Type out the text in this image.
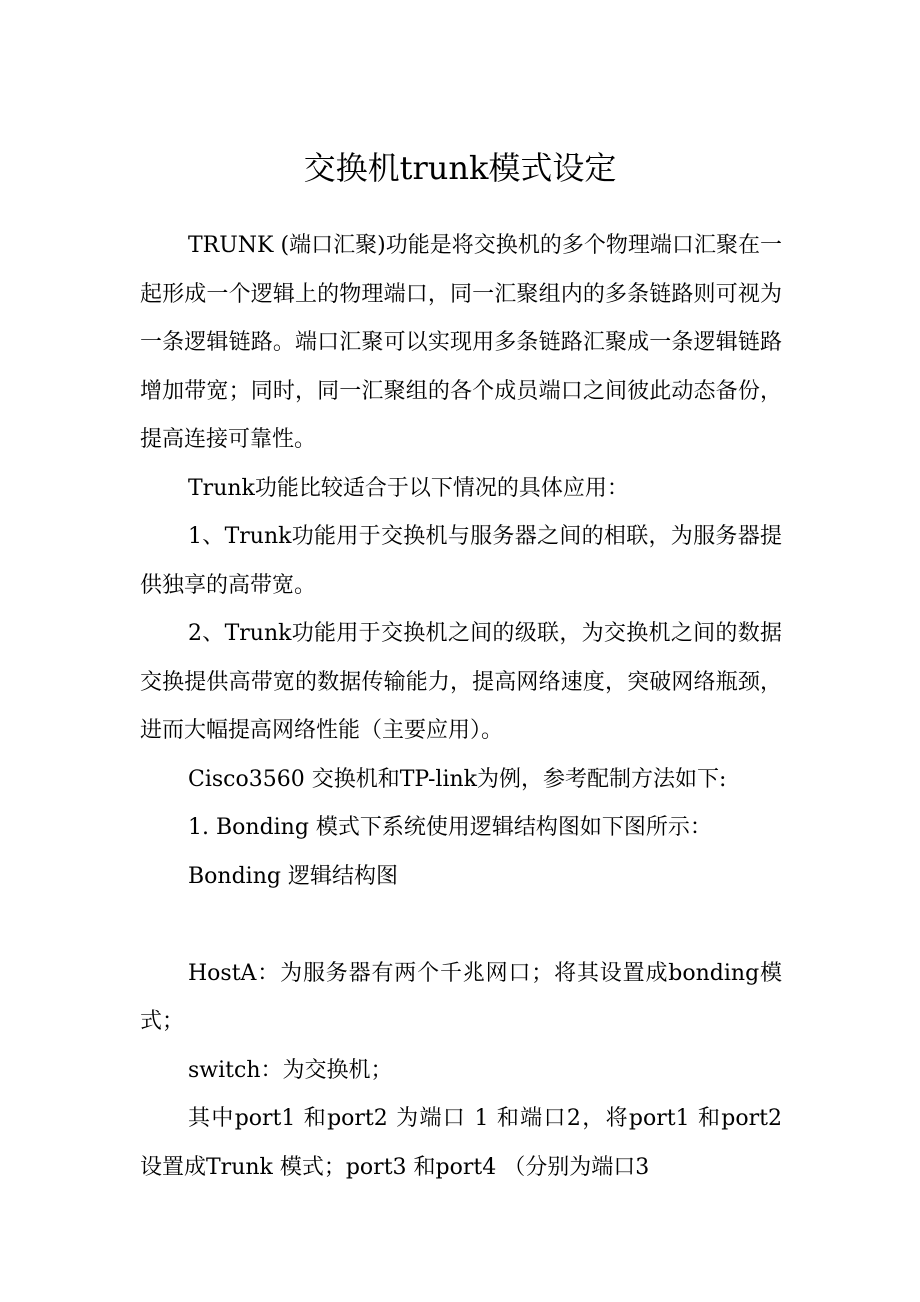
交换机trunk模式设定

TRUNK (端口汇聚)功能是将交换机的多个物理端口汇聚在一起形成一个逻辑上的物理端口，同一汇聚组内的多条链路则可视为一条逻辑链路。端口汇聚可以实现用多条链路汇聚成一条逻辑链路增加带宽；同时，同一汇聚组的各个成员端口之间彼此动态备份，提高连接可靠性。

Trunk功能比较适合于以下情况的具体应用：

1、Trunk功能用于交换机与服务器之间的相联，为服务器提供独享的高带宽。

2、Trunk功能用于交换机之间的级联，为交换机之间的数据交换提供高带宽的数据传输能力，提高网络速度，突破网络瓶颈，进而大幅提高网络性能（主要应用）。

Cisco3560 交换机和TP-link为例，参考配制方法如下:

1. Bonding 模式下系统使用逻辑结构图如下图所示：

Bonding 逻辑结构图

HostA：为服务器有两个千兆网口；将其设置成bonding模式；

switch：为交换机；

其中port1 和port2 为端口 1 和端口2，将port1 和port2 设置成Trunk 模式；port3 和port4 （分别为端口3
